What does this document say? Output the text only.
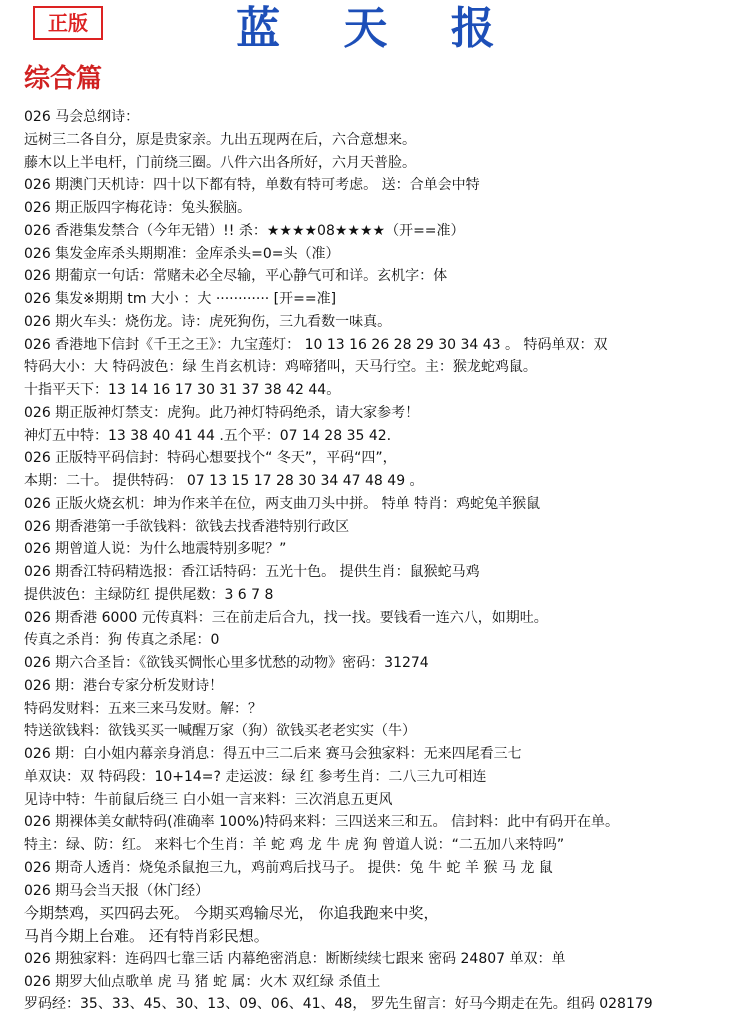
正版	蓝 天 报
综合篇
026 马会总纲诗：
远树三二各自分，原是贵家亲。九出五现两在后，六合意想来。
藤木以上半电杆，门前绕三圈。八件六出各所好，六月天普脸。
026 期澳门天机诗：四十以下都有特，单数有特可考虑。 送：合单会中特
026 期正版四字梅花诗：兔头猴脑。
026 香港集发禁合（今年无错）!! 杀：★★★★08★★★★（开==准）
026 集发金库杀头期期准：金库杀头=0=头（准）
026 期葡京一句话：常赌未必全尽输，平心静气可和详。玄机字：体
026 集发※期期 tm 大小 ：大 ············ [开==准]
026 期火车头：烧伤龙。诗：虎死狗伤，三九看数一味真。
026 香港地下信封《千王之王》：九宝莲灯： 10 13 16 26 28 29 30 34 43 。 特码单双：双
特码大小：大 特码波色：绿 生肖玄机诗：鸡啼猪叫，天马行空。主：猴龙蛇鸡鼠。
十指平天下：13 14 16 17 30 31 37 38 42 44。
026 期正版神灯禁支：虎狗。此乃神灯特码绝杀，请大家参考！
神灯五中特：13 38 40 41 44 .五个平：07 14 28 35 42.
026 正版特平码信封：特码心想要找个“ 冬天”，平码“四”，
本期：二十。 提供特码： 07 13 15 17 28 30 34 47 48 49 。
026 正版火烧玄机：坤为作来羊在位，两支曲刀头中拼。 特单 特肖：鸡蛇兔羊猴鼠
026 期香港第一手欲钱料：欲钱去找香港特别行政区
026 期曾道人说：为什么地震特别多呢？”
026 期香江特码精选报：香江话特码：五光十色。 提供生肖：鼠猴蛇马鸡
提供波色：主绿防红 提供尾数：3 6 7 8
026 期香港 6000 元传真料：三在前走后合九，找一找。要钱看一连六八，如期吐。
传真之杀肖：狗 传真之杀尾：0
026 期六合圣旨：《欲钱买惆怅心里多忧愁的动物》密码：31274
026 期：港台专家分析发财诗！
特码发财料：五来三来马发财。解：？
特送欲钱料：欲钱买买一喊醒万家（狗）欲钱买老老实实（牛）
026 期：白小姐内幕亲身消息：得五中三二后来 赛马会独家料：无来四尾看三七
单双诀：双 特码段：10+14=? 走运波：绿 红 参考生肖：二八三九可相连
见诗中特：牛前鼠后绕三 白小姐一言来料：三次消息五更风
026 期裸体美女献特码(准确率 100%)特码来料：三四送来三和五。 信封料：此中有码开在单。
特主：绿、防：红。 来料七个生肖：羊 蛇 鸡 龙 牛 虎 狗 曾道人说：“二五加八来特吗”
026 期奇人透肖：烧兔杀鼠抱三九，鸡前鸡后找马子。 提供：兔 牛 蛇 羊 猴 马 龙 鼠
026 期马会当天报（休门经）
今期禁鸡，买四码去死。 今期买鸡输尽光， 你追我跑来中奖，
马肖今期上台难。 还有特肖彩民想。
026 期独家料：连码四七靠三话 内幕绝密消息：断断续续七跟来 密码 24807 单双：单
026 期罗大仙点歌单 虎 马 猪 蛇 属：火木 双红绿 杀值土
罗码经：35、33、45、30、13、09、06、41、48， 罗先生留言：好马今期走在先。组码 028179
